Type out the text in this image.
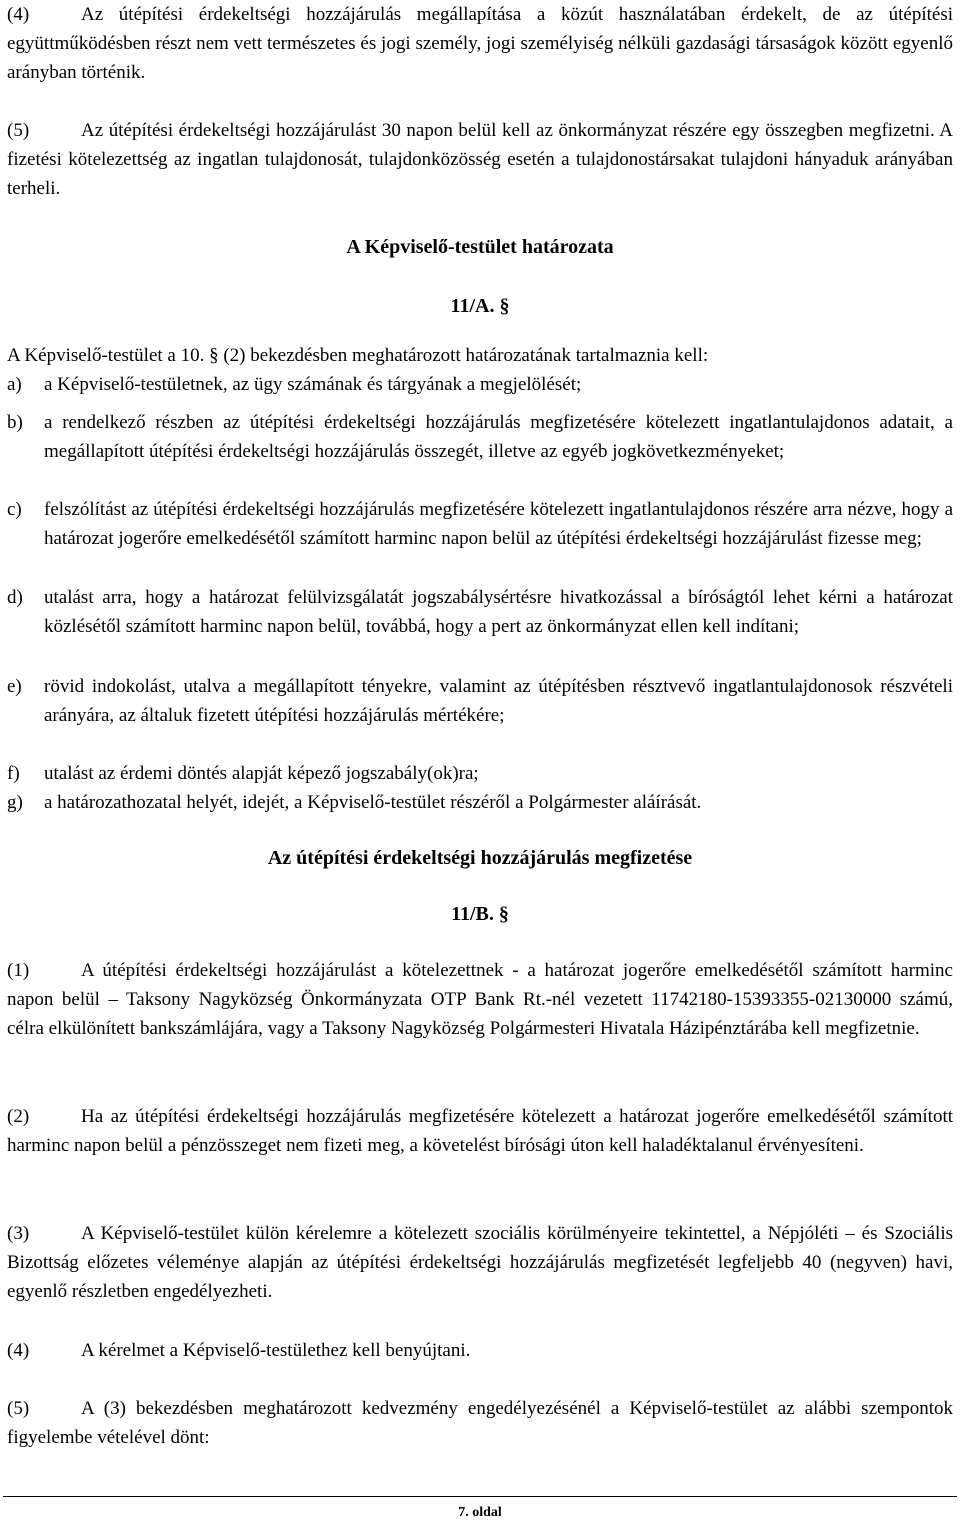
(4)	Az útépítési érdekeltségi hozzájárulás megállapítása a közút használatában érdekelt, de az útépítési együttműködésben részt nem vett természetes és jogi személy, jogi személyiség nélküli gazdasági társaságok között egyenlő arányban történik.
(5)	Az útépítési érdekeltségi hozzájárulást 30 napon belül kell az önkormányzat részére egy összegben megfizetni. A fizetési kötelezettség az ingatlan tulajdonosát, tulajdonközösség esetén a tulajdonostársakat tulajdoni hányaduk arányában terheli.
A Képviselő-testület határozata
11/A. §
A Képviselő-testület a 10. § (2) bekezdésben meghatározott határozatának tartalmaznia kell:
a) a Képviselő-testületnek, az ügy számának és tárgyának a megjelölését;
b) a rendelkező részben az útépítési érdekeltségi hozzájárulás megfizetésére kötelezett ingatlantulajdonos adatait, a megállapított útépítési érdekeltségi hozzájárulás összegét, illetve az egyéb jogkövetkezményeket;
c) felszólítást az útépítési érdekeltségi hozzájárulás megfizetésére kötelezett ingatlantulajdonos részére arra nézve, hogy a határozat jogerőre emelkedésétől számított harminc napon belül az útépítési érdekeltségi hozzájárulást fizesse meg;
d) utalást arra, hogy a határozat felülvizsgálatát jogszabálysértésre hivatkozással a bíróságtól lehet kérni a határozat közlésétől számított harminc napon belül, továbbá, hogy a pert az önkormányzat ellen kell indítani;
e) rövid indokolást, utalva a megállapított tényekre, valamint az útépítésben résztvevő ingatlantulajdonosok részvételi arányára, az általuk fizetett útépítési hozzájárulás mértékére;
f) utalást az érdemi döntés alapját képező jogszabály(ok)ra;
g) a határozathozatal helyét, idejét, a Képviselő-testület részéről a Polgármester aláírását.
Az útépítési érdekeltségi hozzájárulás megfizetése
11/B. §
(1)	A útépítési érdekeltségi hozzájárulást a kötelezettnek - a határozat jogerőre emelkedésétől számított harminc napon belül – Taksony Nagyközség Önkormányzata OTP Bank Rt.-nél vezetett 11742180-15393355-02130000 számú, célra elkülönített bankszámlájára, vagy a Taksony Nagyközség Polgármesteri Hivatala Házipénztárába kell megfizetnie.
(2)	Ha az útépítési érdekeltségi hozzájárulás megfizetésére kötelezett a határozat jogerőre emelkedésétől számított harminc napon belül a pénzösszeget nem fizeti meg, a követelést bírósági úton kell haladéktalanul érvényesíteni.
(3)	A Képviselő-testület külön kérelemre a kötelezett szociális körülményeire tekintettel, a Népjóléti – és Szociális Bizottság előzetes véleménye alapján az útépítési érdekeltségi hozzájárulás megfizetését legfeljebb 40 (negyven) havi, egyenlő részletben engedélyezheti.
(4)	A kérelmet a Képviselő-testülethez kell benyújtani.
(5)	A (3) bekezdésben meghatározott kedvezmény engedélyezésénél a Képviselő-testület az alábbi szempontok figyelembe vételével dönt:
7. oldal
